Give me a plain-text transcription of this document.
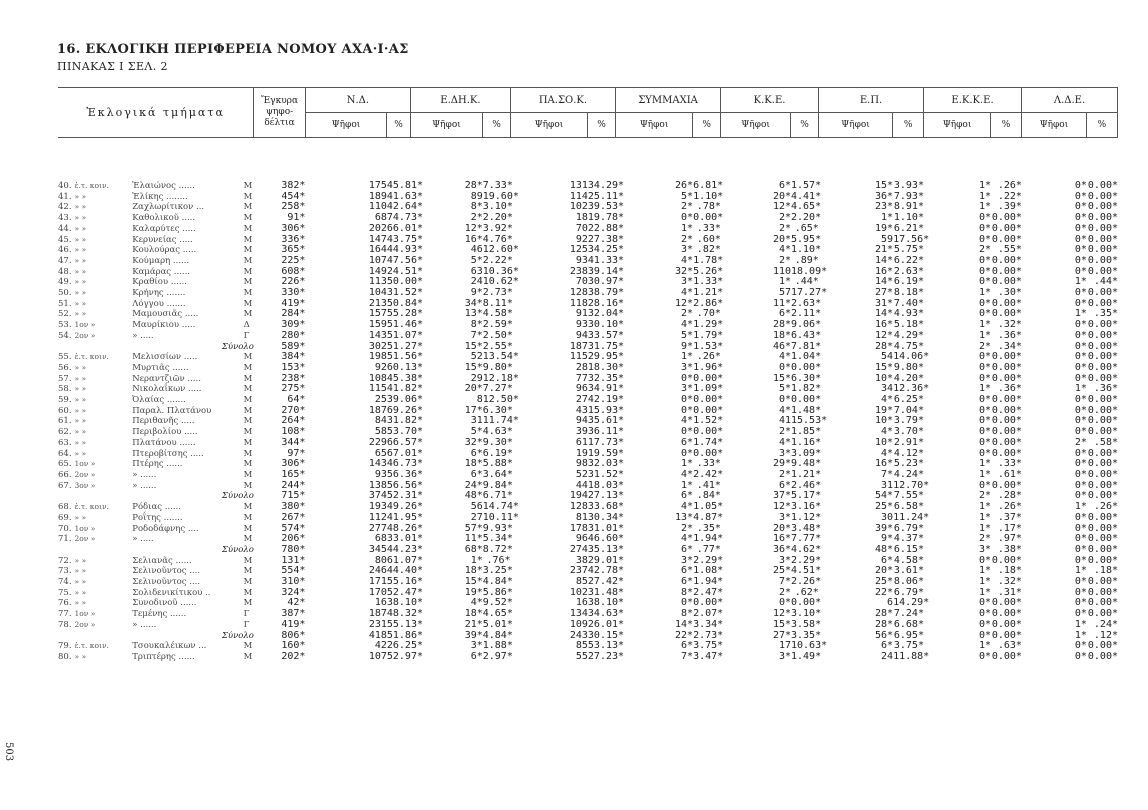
16. ΕΚΛΟΓΙΚΗ ΠΕΡΙΦΕΡΕΙΑ ΝΟΜΟΥ ΑΧΑ·Ι·ΑΣ
ΠΙΝΑΚΑΣ Ι ΣΕΛ. 2
503
Ἐκλογικά τμήματα	Ἔγκυρα ψηφο-δέλτια	Ν.Δ.		Ε.ΔΗ.Κ.		ΠΑ.ΣΟ.Κ.		ΣΥΜΜΑΧΙΑ		Κ.Κ.Ε.		Ε.Π.		Ε.Κ.Κ.Ε.		Λ.Δ.Ε.	
		Ψῆφοι	%	Ψῆφοι	%	Ψῆφοι	%	Ψῆφοι	%	Ψῆφοι	%	Ψῆφοι	%	Ψῆφοι	%	Ψῆφοι	%
40.	ἐ.τ. κοιν.	Ἐλαιώνος ......	Μ	382*	175	45.81*	28*	7.33*	131	34.29*	26*	6.81*	6*	1.57*	15*	3.93*	1*	.26*	0*	0.00*
41.	» »	Ἐλίκης ........	Μ	454*	189	41.63*	89	19.60*	114	25.11*	5*	1.10*	20*	4.41*	36*	7.93*	1*	.22*	0*	0.00*
42.	» »	Ζαχλωρίτικον ...	Μ	258*	110	42.64*	8*	3.10*	102	39.53*	2*	.78*	12*	4.65*	23*	8.91*	1*	.39*	0*	0.00*
43.	» »	Καθολικοῦ .....	Μ	91*	68	74.73*	2*	2.20*	18	19.78*	0*	0.00*	2*	2.20*	1*	1.10*	0*	0.00*	0*	0.00*
44.	» »	Καλαρύτες .....	Μ	306*	202	66.01*	12*	3.92*	70	22.88*	1*	.33*	2*	.65*	19*	6.21*	0*	0.00*	0*	0.00*
45.	» »	Κερυνείας .....	Μ	336*	147	43.75*	16*	4.76*	92	27.38*	2*	.60*	20*	5.95*	59	17.56*	0*	0.00*	0*	0.00*
46.	» »	Κουλούρας .....	Μ	365*	164	44.93*	46	12.60*	125	34.25*	3*	.82*	4*	1.10*	21*	5.75*	2*	.55*	0*	0.00*
47.	» »	Κούμαρη ......	Μ	225*	107	47.56*	5*	2.22*	93	41.33*	4*	1.78*	2*	.89*	14*	6.22*	0*	0.00*	0*	0.00*
48.	» »	Καμάρας ......	Μ	608*	149	24.51*	63	10.36*	238	39.14*	32*	5.26*	110	18.09*	16*	2.63*	0*	0.00*	0*	0.00*
49.	» »	Κραθίου ......	Μ	226*	113	50.00*	24	10.62*	70	30.97*	3*	1.33*	1*	.44*	14*	6.19*	0*	0.00*	1*	.44*
50.	» »	Κρήνης .......	Μ	330*	104	31.52*	9*	2.73*	128	38.79*	4*	1.21*	57	17.27*	27*	8.18*	1*	.30*	0*	0.00*
51.	» »	Λόγγου .......	Μ	419*	213	50.84*	34*	8.11*	118	28.16*	12*	2.86*	11*	2.63*	31*	7.40*	0*	0.00*	0*	0.00*
52.	» »	Μαμουσιᾶς .....	Μ	284*	157	55.28*	13*	4.58*	91	32.04*	2*	.70*	6*	2.11*	14*	4.93*	0*	0.00*	1*	.35*
53.	1ον »	Μαυρίκιου .....	Δ	309*	159	51.46*	8*	2.59*	93	30.10*	4*	1.29*	28*	9.06*	16*	5.18*	1*	.32*	0*	0.00*
54.	2ον »	» .....	Γ	280*	143	51.07*	7*	2.50*	94	33.57*	5*	1.79*	18*	6.43*	12*	4.29*	1*	.36*	0*	0.00*
Σύνολο				589*	302	51.27*	15*	2.55*	187	31.75*	9*	1.53*	46*	7.81*	28*	4.75*	2*	.34*	0*	0.00*
55.	ἐ.τ. κοιν.	Μελισσίων .....	Μ	384*	198	51.56*	52	13.54*	115	29.95*	1*	.26*	4*	1.04*	54	14.06*	0*	0.00*	0*	0.00*
56.	» »	Μυρτιᾶς ......	Μ	153*	92	60.13*	15*	9.80*	28	18.30*	3*	1.96*	0*	0.00*	15*	9.80*	0*	0.00*	0*	0.00*
57.	» »	Νεραντζιῶν .....	Μ	238*	108	45.38*	29	12.18*	77	32.35*	0*	0.00*	15*	6.30*	10*	4.20*	0*	0.00*	0*	0.00*
58.	» »	Νικολαΐκων .....	Μ	275*	115	41.82*	20*	7.27*	96	34.91*	3*	1.09*	5*	1.82*	34	12.36*	1*	.36*	1*	.36*
59.	» »	Ὀλαίας .......	Μ	64*	25	39.06*	8	12.50*	27	42.19*	0*	0.00*	0*	0.00*	4*	6.25*	0*	0.00*	0*	0.00*
60.	» »	Παραλ. Πλατάνου	Μ	270*	187	69.26*	17*	6.30*	43	15.93*	0*	0.00*	4*	1.48*	19*	7.04*	0*	0.00*	0*	0.00*
61.	» »	Περιθανῆς .....	Μ	264*	84	31.82*	31	11.74*	94	35.61*	4*	1.52*	41	15.53*	10*	3.79*	0*	0.00*	0*	0.00*
62.	» »	Περιβολίου .....	Μ	108*	58	53.70*	5*	4.63*	39	36.11*	0*	0.00*	2*	1.85*	4*	3.70*	0*	0.00*	0*	0.00*
63.	» »	Πλατάνου ......	Μ	344*	229	66.57*	32*	9.30*	61	17.73*	6*	1.74*	4*	1.16*	10*	2.91*	0*	0.00*	2*	.58*
64.	» »	Πτεροβίτσης .....	Μ	97*	65	67.01*	6*	6.19*	19	19.59*	0*	0.00*	3*	3.09*	4*	4.12*	0*	0.00*	0*	0.00*
65.	1ον »	Πτέρης ......	Μ	306*	143	46.73*	18*	5.88*	98	32.03*	1*	.33*	29*	9.48*	16*	5.23*	1*	.33*	0*	0.00*
66.	2ον »	» ......	Μ	165*	93	56.36*	6*	3.64*	52	31.52*	4*	2.42*	2*	1.21*	7*	4.24*	1*	.61*	0*	0.00*
67.	3ον »	» ......	Μ	244*	138	56.56*	24*	9.84*	44	18.03*	1*	.41*	6*	2.46*	31	12.70*	0*	0.00*	0*	0.00*
Σύνολο				715*	374	52.31*	48*	6.71*	194	27.13*	6*	.84*	37*	5.17*	54*	7.55*	2*	.28*	0*	0.00*
68.	ἐ.τ. κοιν.	Ρόδιας ......	Μ	380*	193	49.26*	56	14.74*	128	33.68*	4*	1.05*	12*	3.16*	25*	6.58*	1*	.26*	1*	.26*
69.	» »	Ροΐτης .......	Μ	267*	112	41.95*	27	10.11*	81	30.34*	13*	4.87*	3*	1.12*	30	11.24*	1*	.37*	0*	0.00*
70.	1ον »	Ροδοδάφνης ....	Μ	574*	277	48.26*	57*	9.93*	178	31.01*	2*	.35*	20*	3.48*	39*	6.79*	1*	.17*	0*	0.00*
71.	2ον »	» .....	Μ	206*	68	33.01*	11*	5.34*	96	46.60*	4*	1.94*	16*	7.77*	9*	4.37*	2*	.97*	0*	0.00*
Σύνολο				780*	345	44.23*	68*	8.72*	274	35.13*	6*	.77*	36*	4.62*	48*	6.15*	3*	.38*	0*	0.00*
72.	» »	Σελιανᾶς ......	Μ	131*	80	61.07*	1*	.76*	38	29.01*	3*	2.29*	3*	2.29*	6*	4.58*	0*	0.00*	0*	0.00*
73.	» »	Σελινοῦντος ....	Μ	554*	246	44.40*	18*	3.25*	237	42.78*	6*	1.08*	25*	4.51*	20*	3.61*	1*	.18*	1*	.18*
74.	» »	Σελινοῦντος ....	Μ	310*	171	55.16*	15*	4.84*	85	27.42*	6*	1.94*	7*	2.26*	25*	8.06*	1*	.32*	0*	0.00*
75.	» »	Σολιδενικίτικου ..	Μ	324*	170	52.47*	19*	5.86*	102	31.48*	8*	2.47*	2*	.62*	22*	6.79*	1*	.31*	0*	0.00*
76.	» »	Συνοδινοῦ ......	Μ	42*	16	38.10*	4*	9.52*	16	38.10*	0*	0.00*	0*	0.00*	6	14.29*	0*	0.00*	0*	0.00*
77.	1ον »	Τεμένης ......	Γ	387*	187	48.32*	18*	4.65*	134	34.63*	8*	2.07*	12*	3.10*	28*	7.24*	0*	0.00*	0*	0.00*
78.	2ον »	» ......	Γ	419*	231	55.13*	21*	5.01*	109	26.01*	14*	3.34*	15*	3.58*	28*	6.68*	0*	0.00*	1*	.24*
Σύνολο				806*	418	51.86*	39*	4.84*	243	30.15*	22*	2.73*	27*	3.35*	56*	6.95*	0*	0.00*	1*	.12*
79.	ἐ.τ. κοιν.	Τσουκαλέικων ...	Μ	160*	42	26.25*	3*	1.88*	85	53.13*	6*	3.75*	17	10.63*	6*	3.75*	1*	.63*	0*	0.00*
80.	» »	Τριπτέρης ......	Μ	202*	107	52.97*	6*	2.97*	55	27.23*	7*	3.47*	3*	1.49*	24	11.88*	0*	0.00*	0*	0.00*
